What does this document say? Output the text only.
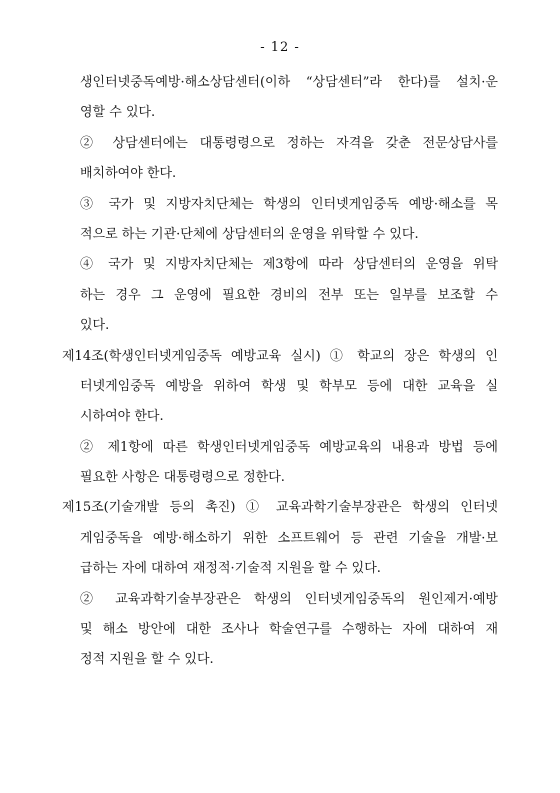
- 12 -
생인터넷중독예방·해소상담센터(이하 “상담센터”라 한다)를 설치·운
영할 수 있다.
② 상담센터에는 대통령령으로 정하는 자격을 갖춘 전문상담사를
배치하여야 한다.
③ 국가 및 지방자치단체는 학생의 인터넷게임중독 예방·해소를 목
적으로 하는 기관·단체에 상담센터의 운영을 위탁할 수 있다.
④ 국가 및 지방자치단체는 제3항에 따라 상담센터의 운영을 위탁
하는 경우 그 운영에 필요한 경비의 전부 또는 일부를 보조할 수
있다.
제14조(학생인터넷게임중독 예방교육 실시) ① 학교의 장은 학생의 인
터넷게임중독 예방을 위하여 학생 및 학부모 등에 대한 교육을 실
시하여야 한다.
② 제1항에 따른 학생인터넷게임중독 예방교육의 내용과 방법 등에
필요한 사항은 대통령령으로 정한다.
제15조(기술개발 등의 촉진) ① 교육과학기술부장관은 학생의 인터넷
게임중독을 예방·해소하기 위한 소프트웨어 등 관련 기술을 개발·보
급하는 자에 대하여 재정적·기술적 지원을 할 수 있다.
② 교육과학기술부장관은 학생의 인터넷게임중독의 원인제거·예방
및 해소 방안에 대한 조사나 학술연구를 수행하는 자에 대하여 재
정적 지원을 할 수 있다.
